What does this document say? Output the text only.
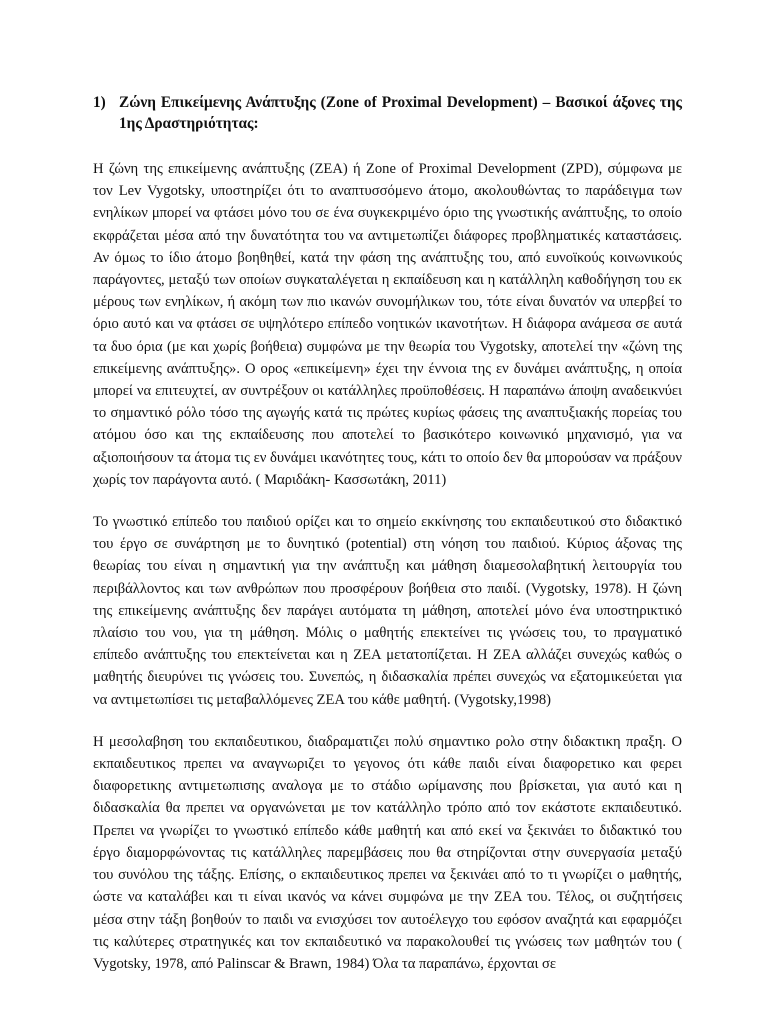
1) Ζώνη Επικείμενης Ανάπτυξης (Zone of Proximal Development) – Βασικοί άξονες της 1ης Δραστηριότητας:

Η ζώνη της επικείμενης ανάπτυξης (ΖΕΑ) ή Zone of Proximal Development (ZPD), σύμφωνα με τον Lev Vygotsky, υποστηρίζει ότι το αναπτυσσόμενο άτομο, ακολουθώντας το παράδειγμα των ενηλίκων μπορεί να φτάσει μόνο του σε ένα συγκεκριμένο όριο της γνωστικής ανάπτυξης, το οποίο εκφράζεται μέσα από την δυνατότητα του να αντιμετωπίζει διάφορες προβληματικές καταστάσεις. Αν όμως το ίδιο άτομο βοηθηθεί, κατά την φάση της ανάπτυξης του, από ευνοϊκούς κοινωνικούς παράγοντες, μεταξύ των οποίων συγκαταλέγεται η εκπαίδευση και η κατάλληλη καθοδήγηση του εκ μέρους των ενηλίκων, ή ακόμη των πιο ικανών συνομήλικων του, τότε είναι δυνατόν να υπερβεί το όριο αυτό και να φτάσει σε υψηλότερο επίπεδο νοητικών ικανοτήτων. Η διάφορα ανάμεσα σε αυτά τα δυο όρια (με και χωρίς βοήθεια) συμφώνα με την θεωρία του Vygotsky, αποτελεί την «ζώνη της επικείμενης ανάπτυξης». Ο ορος «επικείμενη» έχει την έννοια της εν δυνάμει ανάπτυξης, η οποία μπορεί να επιτευχτεί, αν συντρέξουν οι κατάλληλες προϋποθέσεις. Η παραπάνω άποψη αναδεικνύει το σημαντικό ρόλο τόσο της αγωγής κατά τις πρώτες κυρίως φάσεις της αναπτυξιακής πορείας του ατόμου όσο και της εκπαίδευσης που αποτελεί το βασικότερο κοινωνικό μηχανισμό, για να αξιοποιήσουν τα άτομα τις εν δυνάμει ικανότητες τους, κάτι το οποίο δεν θα μπορούσαν να πράξουν χωρίς τον παράγοντα αυτό. ( Μαριδάκη- Κασσωτάκη, 2011)

Το γνωστικό επίπεδο του παιδιού ορίζει και το σημείο εκκίνησης του εκπαιδευτικού στο διδακτικό του έργο σε συνάρτηση με το δυνητικό (potential) στη νόηση του παιδιού. Κύριος άξονας της θεωρίας του είναι η σημαντική για την ανάπτυξη και μάθηση διαμεσολαβητική λειτουργία του περιβάλλοντος και των ανθρώπων που προσφέρουν βοήθεια στο παιδί. (Vygotsky, 1978). Η ζώνη της επικείμενης ανάπτυξης δεν παράγει αυτόματα τη μάθηση, αποτελεί μόνο ένα υποστηρικτικό πλαίσιο του νου, για τη μάθηση. Μόλις ο μαθητής επεκτείνει τις γνώσεις του, το πραγματικό επίπεδο ανάπτυξης του επεκτείνεται και η ΖΕΑ μετατοπίζεται. Η ΖΕΑ αλλάζει συνεχώς καθώς ο μαθητής διευρύνει τις γνώσεις του. Συνεπώς, η διδασκαλία πρέπει συνεχώς να εξατομικεύεται για να αντιμετωπίσει τις μεταβαλλόμενες ΖΕΑ του κάθε μαθητή. (Vygotsky,1998)

Η μεσολαβηση του εκπαιδευτικου, διαδραματιζει πολύ σημαντικο ρολο στην διδακτικη πραξη. Ο εκπαιδευτικος πρεπει να αναγνωριζει το γεγονος ότι κάθε παιδι είναι διαφορετικο και φερει διαφορετικης αντιμετωπισης αναλογα με το στάδιο ωρίμανσης που βρίσκεται, για αυτό και η διδασκαλία θα πρεπει να οργανώνεται με τον κατάλληλο τρόπο από τον εκάστοτε εκπαιδευτικό. Πρεπει να γνωρίζει το γνωστικό επίπεδο κάθε μαθητή και από εκεί να ξεκινάει το διδακτικό του έργο διαμορφώνοντας τις κατάλληλες παρεμβάσεις που θα στηρίζονται στην συνεργασία μεταξύ του συνόλου της τάξης. Επίσης, ο εκπαιδευτικος πρεπει να ξεκινάει από το τι γνωρίζει ο μαθητής, ώστε να καταλάβει και τι είναι ικανός να κάνει συμφώνα με την ΖΕΑ του. Τέλος, οι συζητήσεις μέσα στην τάξη βοηθούν το παιδι να ενισχύσει τον αυτοέλεγχο του εφόσον αναζητά και εφαρμόζει τις καλύτερες στρατηγικές και τον εκπαιδευτικό να παρακολουθεί τις γνώσεις των μαθητών του ( Vygotsky, 1978, από Palinscar & Brawn, 1984) Όλα τα παραπάνω, έρχονται σε
